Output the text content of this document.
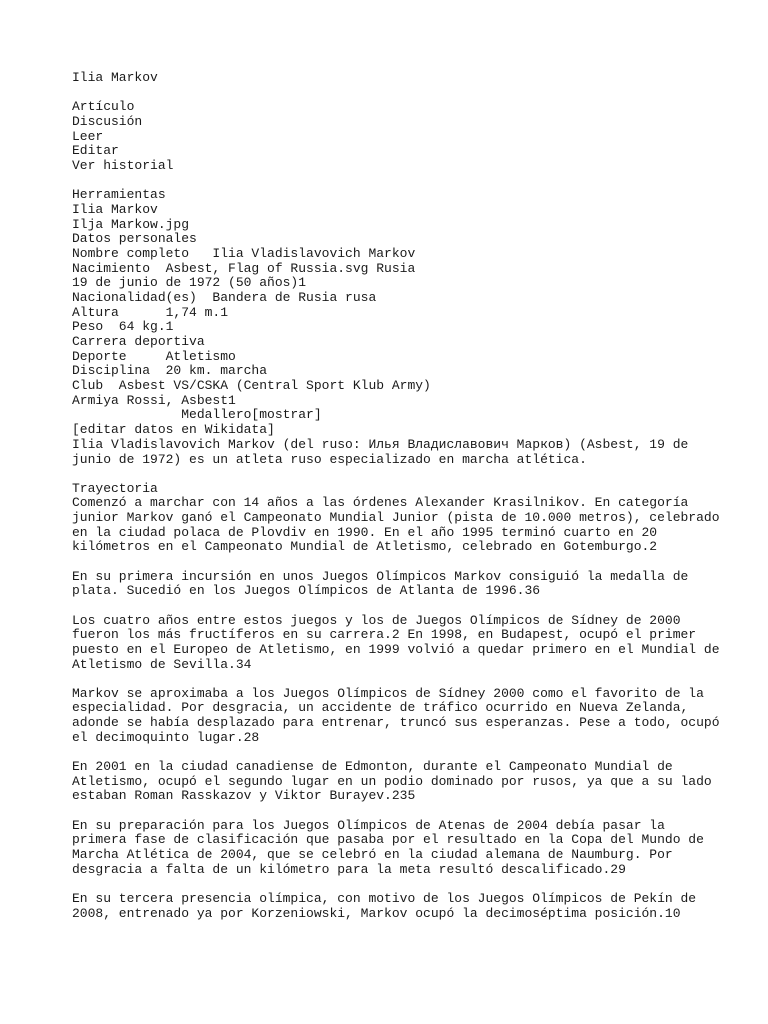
Ilia Markov
Artículo
Discusión
Leer
Editar
Ver historial
Herramientas
Ilia Markov
Ilja Markow.jpg
Datos personales
Nombre completo   Ilia Vladislavovich Markov
Nacimiento  Asbest, Flag of Russia.svg Rusia
19 de junio de 1972 (50 años)1
Nacionalidad(es)  Bandera de Rusia rusa
Altura      1,74 m.1
Peso  64 kg.1
Carrera deportiva
Deporte     Atletismo
Disciplina  20 km. marcha
Club  Asbest VS/CSKA (Central Sport Klub Army)
Armiya Rossi, Asbest1
Medallero[mostrar]
[editar datos en Wikidata]
Ilia Vladislavovich Markov (del ruso: Илья Владиславович Марков) (Asbest, 19 de
junio de 1972) es un atleta ruso especializado en marcha atlética.
Trayectoria
Comenzó a marchar con 14 años a las órdenes Alexander Krasilnikov. En categoría
junior Markov ganó el Campeonato Mundial Junior (pista de 10.000 metros), celebrado
en la ciudad polaca de Plovdiv en 1990. En el año 1995 terminó cuarto en 20
kilómetros en el Campeonato Mundial de Atletismo, celebrado en Gotemburgo.2
En su primera incursión en unos Juegos Olímpicos Markov consiguió la medalla de
plata. Sucedió en los Juegos Olímpicos de Atlanta de 1996.36
Los cuatro años entre estos juegos y los de Juegos Olímpicos de Sídney de 2000
fueron los más fructíferos en su carrera.2 En 1998, en Budapest, ocupó el primer
puesto en el Europeo de Atletismo, en 1999 volvió a quedar primero en el Mundial de
Atletismo de Sevilla.34
Markov se aproximaba a los Juegos Olímpicos de Sídney 2000 como el favorito de la
especialidad. Por desgracia, un accidente de tráfico ocurrido en Nueva Zelanda,
adonde se había desplazado para entrenar, truncó sus esperanzas. Pese a todo, ocupó
el decimoquinto lugar.28
En 2001 en la ciudad canadiense de Edmonton, durante el Campeonato Mundial de
Atletismo, ocupó el segundo lugar en un podio dominado por rusos, ya que a su lado
estaban Roman Rasskazov y Viktor Burayev.235
En su preparación para los Juegos Olímpicos de Atenas de 2004 debía pasar la
primera fase de clasificación que pasaba por el resultado en la Copa del Mundo de
Marcha Atlética de 2004, que se celebró en la ciudad alemana de Naumburg. Por
desgracia a falta de un kilómetro para la meta resultó descalificado.29
En su tercera presencia olímpica, con motivo de los Juegos Olímpicos de Pekín de
2008, entrenado ya por Korzeniowski, Markov ocupó la decimoséptima posición.10
